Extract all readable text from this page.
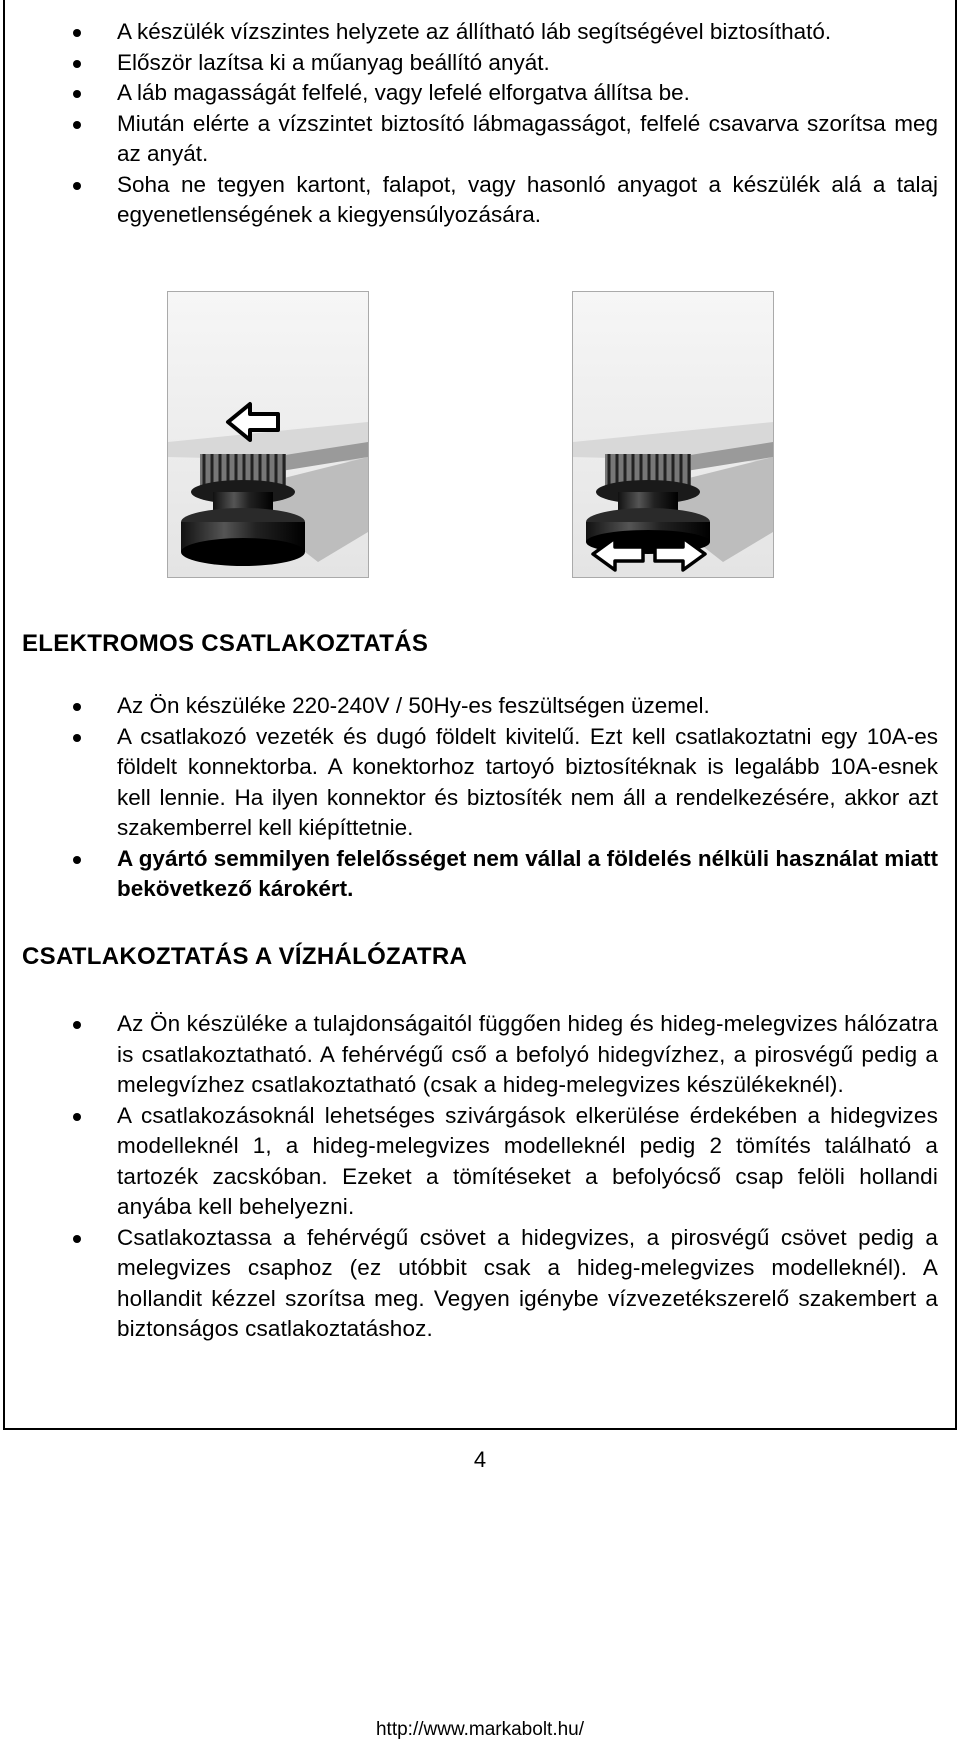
A készülék vízszintes helyzete az állítható láb segítségével biztosítható.
Először lazítsa ki a műanyag beállító anyát.
A láb magasságát felfelé, vagy lefelé elforgatva állítsa be.
Miután elérte a vízszintet biztosító lábmagasságot, felfelé csavarva szorítsa meg az anyát.
Soha ne tegyen kartont, falapot, vagy hasonló anyagot a készülék alá a talaj egyenetlenségének a kiegyensúlyozására.
ELEKTROMOS CSATLAKOZTATÁS
Az Ön készüléke 220-240V / 50Hy-es feszültségen üzemel.
A csatlakozó vezeték és dugó földelt kivitelű. Ezt kell csatlakoztatni egy 10A-es földelt konnektorba. A konektorhoz tartoyó biztosítéknak is legalább 10A-esnek kell lennie. Ha ilyen konnektor és biztosíték nem áll a rendelkezésére, akkor azt szakemberrel kell kiépíttetnie.
A gyártó semmilyen felelősséget nem vállal a földelés nélküli használat miatt bekövetkező károkért.
CSATLAKOZTATÁS A VÍZHÁLÓZATRA
Az Ön készüléke a tulajdonságaitól függően hideg és hideg-melegvizes hálózatra is csatlakoztatható. A fehérvégű cső a befolyó hidegvízhez, a pirosvégű pedig a melegvízhez csatlakoztatható (csak a hideg-melegvizes készülékeknél).
A csatlakozásoknál lehetséges szivárgások elkerülése érdekében a hidegvizes modelleknél 1, a hideg-melegvizes modelleknél pedig 2 tömítés található a tartozék zacskóban. Ezeket a tömítéseket a befolyócső csap felöli hollandi anyába kell behelyezni.
Csatlakoztassa a fehérvégű csövet a hidegvizes, a pirosvégű csövet pedig a melegvizes csaphoz (ez utóbbit csak a hideg-melegvizes modelleknél). A hollandit kézzel szorítsa meg. Vegyen igénybe vízvezetékszerelő szakembert a biztonságos csatlakoztatáshoz.
4
http://www.markabolt.hu/
